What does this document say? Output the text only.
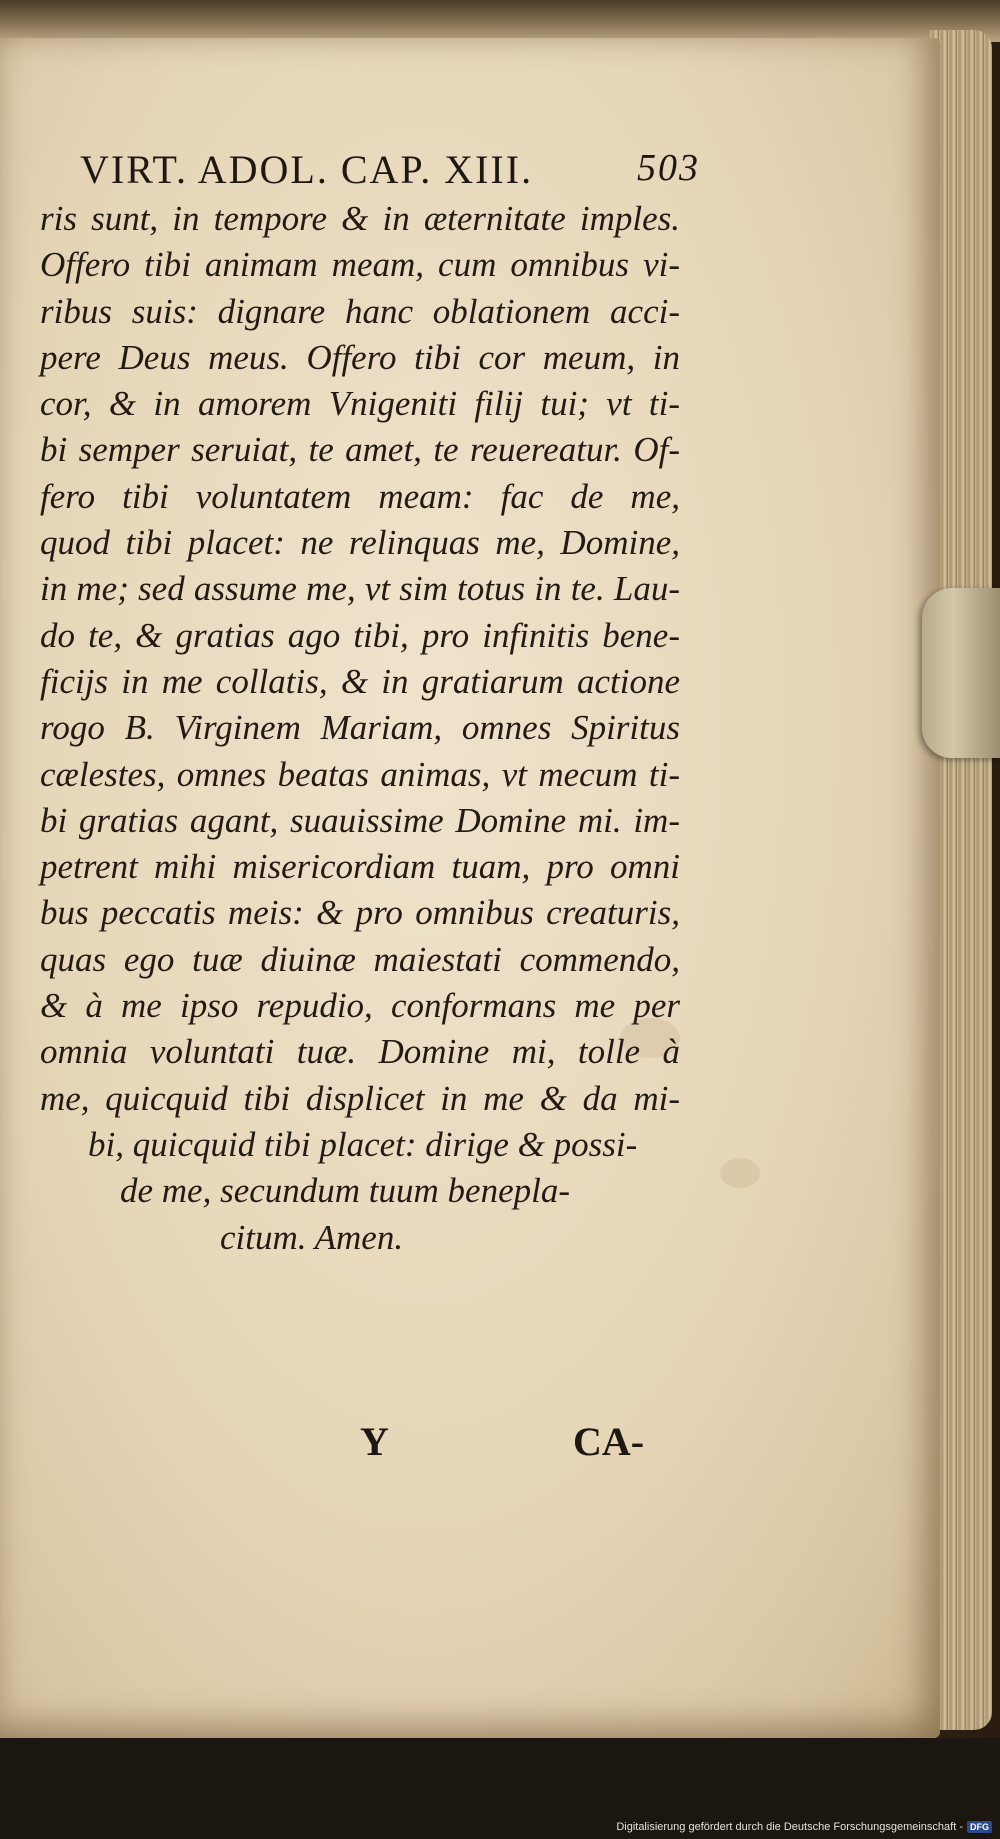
VIRT. ADOL. CAP. XIII.	503
ris sunt, in tempore & in æternitate imples.
Offero tibi animam meam, cum omnibus vi-
ribus suis: dignare hanc oblationem acci-
pere Deus meus. Offero tibi cor meum, in
cor, & in amorem Vnigeniti filij tui; vt ti-
bi semper seruiat, te amet, te reuereatur. Of-
fero tibi voluntatem meam: fac de me,
quod tibi placet: ne relinquas me, Domine,
in me; sed assume me, vt sim totus in te. Lau-
do te, & gratias ago tibi, pro infinitis bene-
ficijs in me collatis, & in gratiarum actione
rogo B. Virginem Mariam, omnes Spiritus
cælestes, omnes beatas animas, vt mecum ti-
bi gratias agant, suauissime Domine mi. im-
petrent mihi misericordiam tuam, pro omni
bus peccatis meis: & pro omnibus creaturis,
quas ego tuæ diuinæ maiestati commendo,
& à me ipso repudio, conformans me per
omnia voluntati tuæ. Domine mi, tolle à
me, quicquid tibi displicet in me & da mi-
bi, quicquid tibi placet: dirige & possi-
de me, secundum tuum benepla-
citum. Amen.
Y	CA-
Digitalisierung gefördert durch die Deutsche Forschungsgemeinschaft - DFG
